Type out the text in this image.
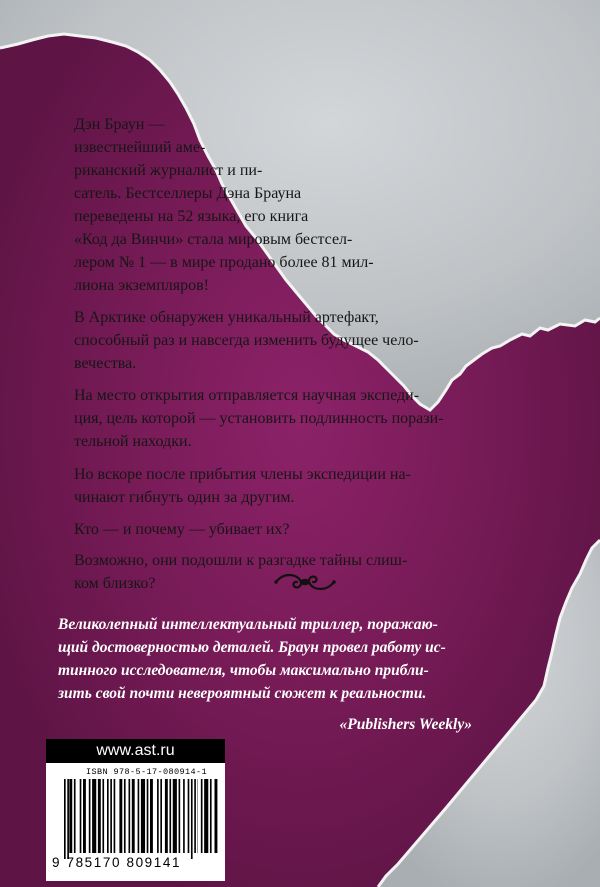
Дэн Браун —
известнейший аме-
риканский журналист и пи-
сатель. Бестселлеры Дэна Брауна
переведены на 52 языка, его книга
«Код да Винчи» стала мировым бестсел-
лером № 1 — в мире продано более 81 мил-
лиона экземпляров!
В Арктике обнаружен уникальный артефакт,
способный раз и навсегда изменить будущее чело-
вечества.
На место открытия отправляется научная экспеди-
ция, цель которой — установить подлинность порази-
тельной находки.
Но вскоре после прибытия члены экспедиции на-
чинают гибнуть один за другим.
Кто — и почему — убивает их?
Возможно, они подошли к разгадке тайны слиш-
ком близко?
Великолепный интеллектуальный триллер, поражаю-
щий достоверностью деталей. Браун провел работу ис-
тинного исследователя, чтобы максимально прибли-
зить свой почти невероятный сюжет к реальности.
«Publishers Weekly»
www.ast.ru
ISBN 978-5-17-080914-1
9 785170 809141
